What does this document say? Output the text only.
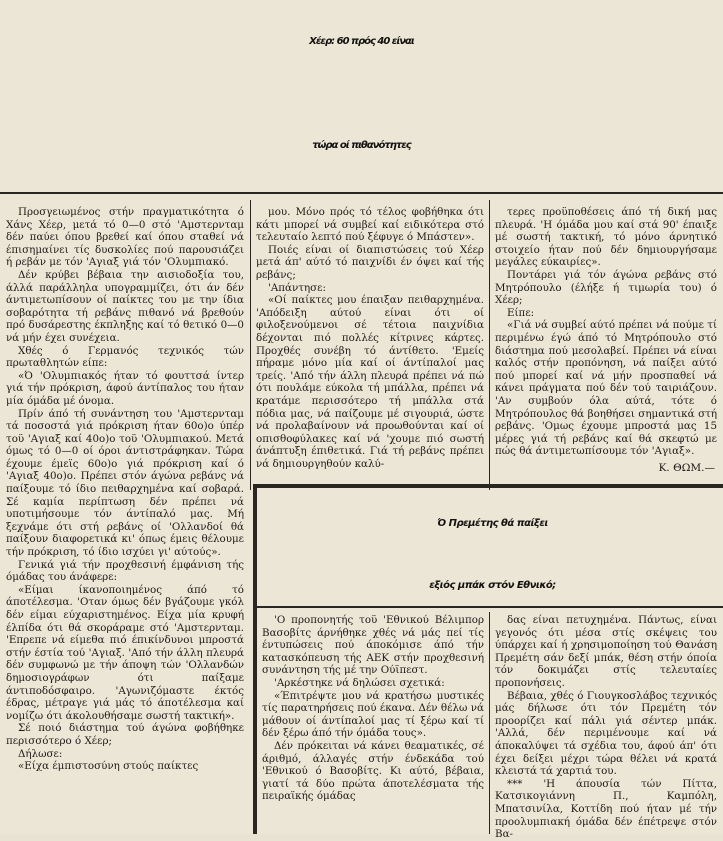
Χέερ: 60 πρός 40 είναι
τώρα οί πιθανότητες

Προσγειωμένος στήν πραγματικότητα ό Χάνς Χέερ, μετά τό 0—0 στό 'Αμστερνταμ δέν παύει όπου βρεθεί καί όπου σταθεί νά έπισημαίνει τίς δυσκολίες πού παρουσιάζει ή ρεβάν με τόν 'Αγιαξ γιά τόν 'Ολυμπιακό.

Δέν κρύβει βέβαια την αισιοδοξία του, άλλά παράλληλα υπογραμμίζει, ότι άν δέν άντιμετωπίσουν οί παίκτες του με την ίδια σοβαρότητα τή ρεβάνς πιθανό νά βρεθούν πρό δυσάρεστης έκπληξης καί τό θετικό 0—0 νά μήν έχει συνέχεια.

Χθές ό Γερμανός τεχνικός τών πρωταθλητών είπε:

«Ό 'Ολυμπιακός ήταν τό φουττσά ίντερ γιά τήν πρόκριση, άφού άντίπαλος του ήταν μία όμάδα μέ όνομα.

Πρίν άπό τή συνάντηση του 'Αμστερνταμ τά ποσοστά γιά πρόκριση ήταν 60ο)ο ύπέρ τοϋ 'Αγιαξ καί 40ο)ο τοϋ 'Ολυμπιακού. Μετά όμως τό 0—0 οί όροι άντιστράφηκαν. Τώρα έχουμε έμεϊς 60ο)ο γιά πρόκριση καί ό 'Αγιαξ 40ο)ο. Πρέπει στόν άγώνα ρεβάνς νά παίξουμε τό ίδιο πειθαρχημένα καί σοβαρά. Σέ καμία περίπτωση δέν πρέπει νά υποτιμήσουμε τόν άντίπαλό μας. Μή ξεχνάμε ότι στή ρεβάνς οί 'Ολλανδοί θά παίξουν διαφορετικά κι' όπως έμεις θέλουμε τήν πρόκριση, τό ίδιο ισχύει γι' αύτούς».

Γενικά γιά τήν προχθεσινή έμφάνιση τής όμάδας του άνάφερε:

«Είμαι ίκανοποιημένος άπό τό άποτέλεσμα. 'Οταν όμως δέν βγάζουμε γκόλ δέν είμαι εύχαριστημένος. Είχα μία κρυφή έλπίδα ότι θά σκοράραμε στό 'Αμστερνταμ. 'Επρεπε νά είμεθα πιό έπικίνδυνοι μπροστά στήν έστία τού 'Αγιαξ. 'Από τήν άλλη πλευρά δέν συμφωνώ με τήν άποψη τών 'Ολλανδών δημοσιογράφων ότι παίξαμε άντιποδόσφαιρο. 'Αγωνιζόμαστε έκτός έδρας, μέτραγε γιά μάς τό άποτέλεσμα καί νομίζω ότι άκολουθήσαμε σωστή τακτική».

Σέ ποιό διάστημα τού άγώνα φοβήθηκε περισσότερο ό Χέερ;

Δήλωσε:

«Είχα έμπιστοσύνη στούς παίκτες

μου. Μόνο πρός τό τέλος φοβήθηκα ότι κάτι μπορεί νά συμβεί καί ειδικότερα στό τελευταίο λεπτό πού ξέφυγε ό Μπάστεν».

Ποιές είναι οί διαπιστώσεις τού Χέερ μετά άπ' αύτό τό παιχνίδι έν όψει καί τής ρεβάνς;

'Απάντησε:

«Οί παίκτες μου έπαιξαν πειθαρχημένα. 'Απόδειξη αύτού είναι ότι οί φιλοξενούμενοι σέ τέτοια παιχνίδια δέχονται πιό πολλές κίτρινες κάρτες. Προχθές συνέβη τό άντίθετο. 'Εμείς πήραμε μόνο μία καί οί άντίπαλοί μας τρείς. 'Από τήν άλλη πλευρά πρέπει νά πώ ότι πουλάμε εύκολα τή μπάλλα, πρέπει νά κρατάμε περισσότερο τή μπάλλα στά πόδια μας, νά παίζουμε μέ σιγουριά, ώστε νά προλαβαίνουν νά προωθούνται καί οί οπισθοφύλακες καί νά 'χουμε πιό σωστή άνάπτυξη έπιθετικά. Γιά τή ρεβάνς πρέπει νά δημιουργηθούν καλύ-

τερες προϋποθέσεις άπό τή δική μας πλευρά. 'Η όμάδα μου καί στά 90' έπαιξε μέ σωστή τακτική, τό μόνο άρνητικό στοιχείο ήταν πού δέν δημιουργήσαμε μεγάλες εύκαιρίες».

Ποντάρει γιά τόν άγώνα ρεβάνς στό Μητρόπουλο (έλήξε ή τιμωρία του) ό Χέερ;

Είπε:

«Γιά νά συμβεί αύτό πρέπει νά πούμε τί περιμένω έγώ άπό τό Μητρόπουλο στό διάστημα πού μεσολαβεί. Πρέπει νά είναι καλός στήν προπόνηση, νά παίξει αύτό πού μπορεί καί νά μήν προσπαθεί νά κάνει πράγματα πού δέν τού ταιριάζουν. 'Αν συμβούν όλα αύτά, τότε ό Μητρόπουλος θά βοηθήσει σημαντικά στή ρεβάνς. 'Ομως έχουμε μπροστά μας 15 μέρες γιά τή ρεβάνς καί θά σκεφτώ με πώς θά άντιμετωπίσουμε τόν 'Αγιαξ».

Κ. ΘΩΜ.—
Ό Πρεμέτης θά παίξει
εξιός μπάκ στόν Εθνικό;

'Ο προπονητής τοϋ 'Εθνικού Βέλιμπορ Βασοβίτς άρνήθηκε χθές νά μάς πεί τίς έντυπώσεις πού άποκόμισε άπό τήν κατασκόπευση τής ΑΕΚ στήν προχθεσινή συνάντηση τής μέ την Ούϊπεστ.

'Αρκέστηκε νά δηλώσει σχετικά:

«Έπιτρέψτε μου νά κρατήσω μυστικές τίς παρατηρήσεις πού έκανα. Δέν θέλω νά μάθουν οί άντίπαλοί μας τί ξέρω καί τί δέν ξέρω άπό τήν όμάδα τους».

Δέν πρόκειται νά κάνει θεαματικές, σέ άριθμό, άλλαγές στήν ένδεκάδα τού 'Εθνικού ό Βασοβίτς. Κι αύτό, βέβαια, γιατί τά δύο πρώτα άποτελέσματα τής πειραϊκής όμάδας

δας είναι πετυχημένα. Πάντως, είναι γεγονός ότι μέσα στίς σκέψεις του ύπάρχει καί ή χρησιμοποίηση τού Θανάση Πρεμέτη σάν δεξί μπάκ, θέση στήν όποία τόν δοκιμάζει στίς τελευταίες προπονήσεις.

Βέβαια, χθές ό Γιουγκοσλάβος τεχνικός μάς δήλωσε ότι τόν Πρεμέτη τόν προορίζει καί πάλι γιά σέντερ μπάκ. 'Αλλά, δέν περιμένουμε καί νά άποκαλύψει τά σχέδια του, άφού άπ' ότι έχει δείξει μέχρι τώρα θέλει νά κρατά κλειστά τά χαρτιά του.

*** 'Η άπουσία τών Πίττα, Κατσικογιάννη Π., Καμπόλη, Μπατσινίλα, Κοττίδη πού ήταν μέ τήν προολυμπιακή όμάδα δέν έπέτρεψε στόν Βα-
